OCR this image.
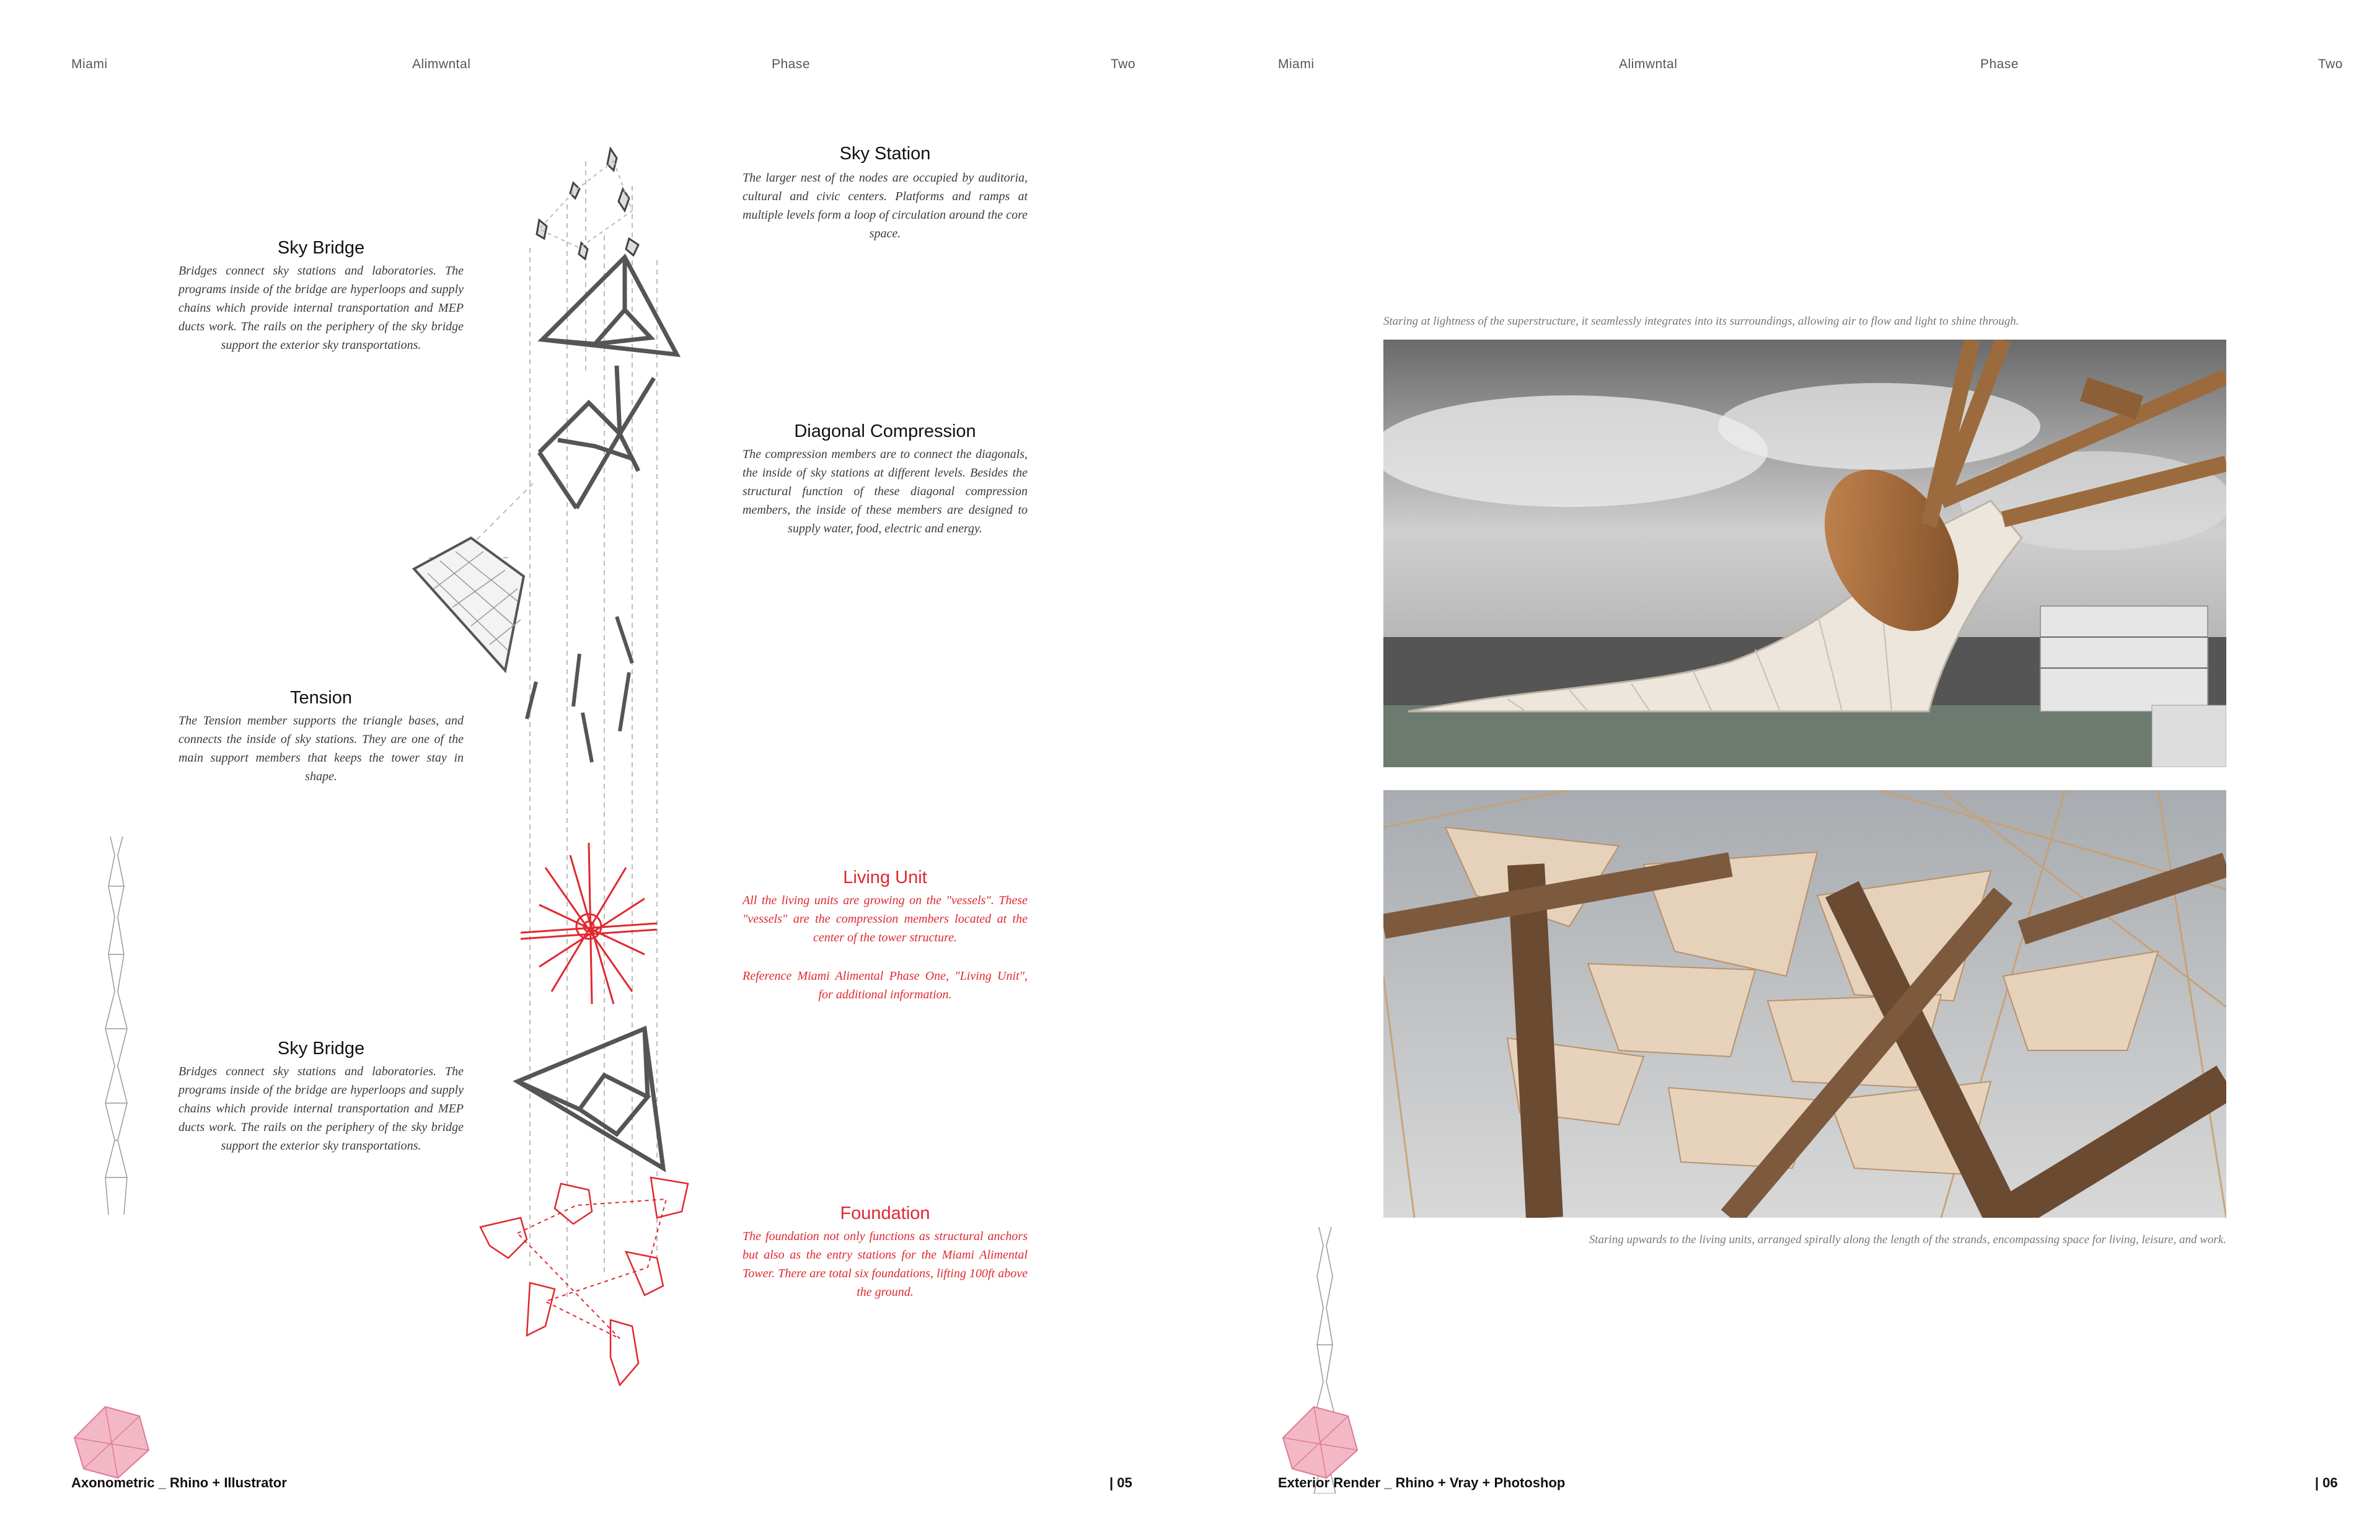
Miami	Alimwntal	Phase	Two	Miami	Alimwntal	Phase	Two
Sky Station
The larger nest of the nodes are occupied by auditoria, cultural and civic centers. Platforms and ramps at multiple levels form a loop of circulation around the core space.
Sky Bridge
Bridges connect sky stations and laboratories. The programs inside of the bridge are hyperloops and supply chains which provide internal transportation and MEP ducts work. The rails on the periphery of the sky bridge support the exterior sky transportations.
Diagonal Compression
The compression members are to connect the diagonals, the inside of sky stations at different levels. Besides the structural function of these diagonal compression members, the inside of these members are designed to supply water, food, electric and energy.
Tension
The Tension member supports the triangle bases, and connects the inside of sky stations. They are one of the main support members that keeps the tower stay in shape.
Living Unit
All the living units are growing on the "vessels". These "vessels" are the compression members located at the center of the tower structure.
Reference Miami Alimental Phase One, "Living Unit", for additional information.
Sky Bridge
Bridges connect sky stations and laboratories. The programs inside of the bridge are hyperloops and supply chains which provide internal transportation and MEP ducts work. The rails on the periphery of the sky bridge support the exterior sky transportations.
Foundation
The foundation not only functions as structural anchors but also as the entry stations for the Miami Alimental Tower. There are total six foundations, lifting 100ft above the ground.
Axonometric _ Rhino + Illustrator	| 05
Staring at lightness of the superstructure, it seamlessly integrates into its surroundings, allowing air to flow and light to shine through.
Staring upwards to the living units, arranged spirally along the length of the strands, encompassing space for living, leisure, and work.
Exterior Render _ Rhino + Vray + Photoshop	| 06
